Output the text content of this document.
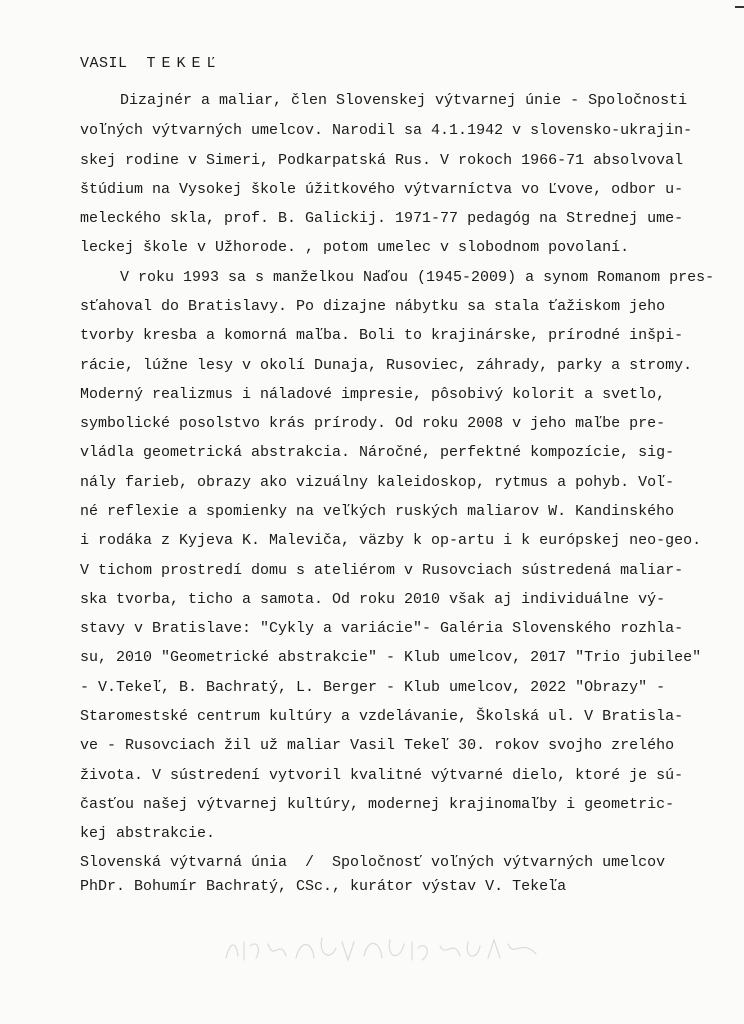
VASIL TEKEĽ
Dizajnér a maliar, člen Slovenskej výtvarnej únie - Spoločnosti
voľných výtvarných umelcov. Narodil sa 4.1.1942 v slovensko-ukrajin-
skej rodine v Simeri, Podkarpatská Rus. V rokoch 1966-71 absolvoval
štúdium na Vysokej škole úžitkového výtvarníctva vo Ľvove, odbor u-
meleckého skla, prof. B. Galickij. 1971-77 pedagóg na Strednej ume-
leckej škole v Užhorode. , potom umelec v slobodnom povolaní.
V roku 1993 sa s manželkou Naďou (1945-2009) a synom Romanom pres-
sťahoval do Bratislavy. Po dizajne nábytku sa stala ťažiskom jeho
tvorby kresba a komorná maľba. Boli to krajinárske, prírodné inšpi-
rácie, lúžne lesy v okolí Dunaja, Rusoviec, záhrady, parky a stromy.
Moderný realizmus i náladové impresie, pôsobivý kolorit a svetlo,
symbolické posolstvo krás prírody. Od roku 2008 v jeho maľbe pre-
vládla geometrická abstrakcia. Náročné, perfektné kompozície, sig-
nály farieb, obrazy ako vizuálny kaleidoskop, rytmus a pohyb. Voľ-
né reflexie a spomienky na veľkých ruských maliarov W. Kandinského
i rodáka z Kyjeva K. Maleviča, väzby k op-artu i k európskej neo-geo.
V tichom prostredí domu s ateliérom v Rusovciach sústredená maliar-
ska tvorba, ticho a samota. Od roku 2010 však aj individuálne vý-
stavy v Bratislave: "Cykly a variácie"- Galéria Slovenského rozhla-
su, 2010 "Geometrické abstrakcie" - Klub umelcov, 2017 "Trio jubilee"
- V.Tekeľ, B. Bachratý, L. Berger - Klub umelcov, 2022 "Obrazy" -
Staromestské centrum kultúry a vzdelávanie, Školská ul. V Bratisla-
ve - Rusovciach žil už maliar Vasil Tekeľ 30. rokov svojho zrelého
života. V sústredení vytvoril kvalitné výtvarné dielo, ktoré je sú-
časťou našej výtvarnej kultúry, modernej krajinomaľby i geometric-
kej abstrakcie.
Slovenská výtvarná únia  /  Spoločnosť voľných výtvarných umelcov
PhDr. Bohumír Bachratý, CSc., kurátor výstav V. Tekeľa
